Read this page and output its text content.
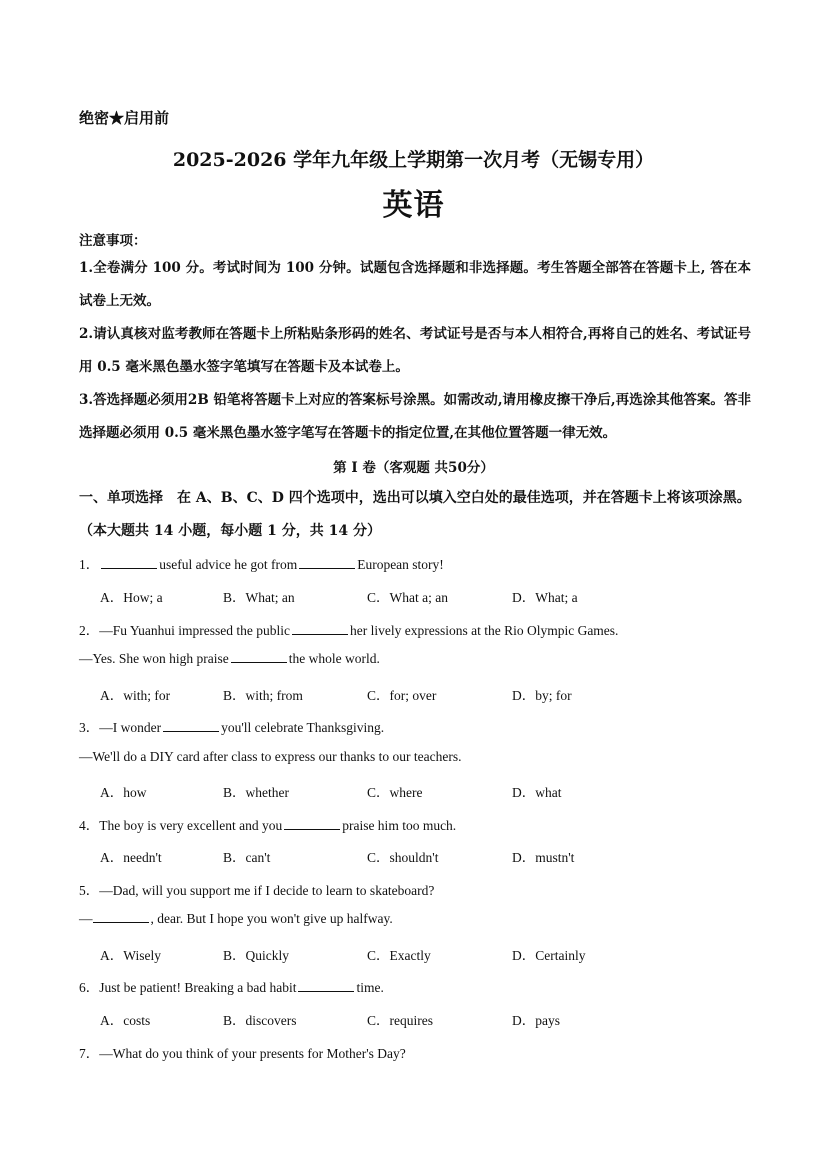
绝密★启用前
2025-2026 学年九年级上学期第一次月考（无锡专用）
英语
注意事项：
1.全卷满分 100 分。考试时间为 100 分钟。试题包含选择题和非选择题。考生答题全部答在答题卡上, 答在本试卷上无效。
2.请认真核对监考教师在答题卡上所粘贴条形码的姓名、考试证号是否与本人相符合,再将自己的姓名、考试证号用 0.5 毫米黑色墨水签字笔填写在答题卡及本试卷上。
3.答选择题必须用2B 铅笔将答题卡上对应的答案标号涂黑。如需改动,请用橡皮擦干净后,再选涂其他答案。答非选择题必须用 0.5 毫米黑色墨水签字笔写在答题卡的指定位置,在其他位置答题一律无效。
第 I 卷（客观题 共50分）
一、单项选择　在 A、B、C、D 四个选项中，选出可以填入空白处的最佳选项，并在答题卡上将该项涂黑。（本大题共 14 小题，每小题 1 分，共 14 分）
1．	useful advice he got from	European story!
A．How; a	B．What; an	C．What a; an	D．What; a
2．—Fu Yuanhui impressed the public	her lively expressions at the Rio Olympic Games.
—Yes. She won high praise	the whole world.
A．with; for	B．with; from	C．for; over	D．by; for
3．—I wonder	you'll celebrate Thanksgiving.
—We'll do a DIY card after class to express our thanks to our teachers.
A．how	B．whether	C．where	D．what
4．The boy is very excellent and you	praise him too much.
A．needn't	B．can't	C．shouldn't	D．mustn't
5．—Dad, will you support me if I decide to learn to skateboard?
—	, dear. But I hope you won't give up halfway.
A．Wisely	B．Quickly	C．Exactly	D．Certainly
6．Just be patient! Breaking a bad habit	time.
A．costs	B．discovers	C．requires	D．pays
7．—What do you think of your presents for Mother's Day?
